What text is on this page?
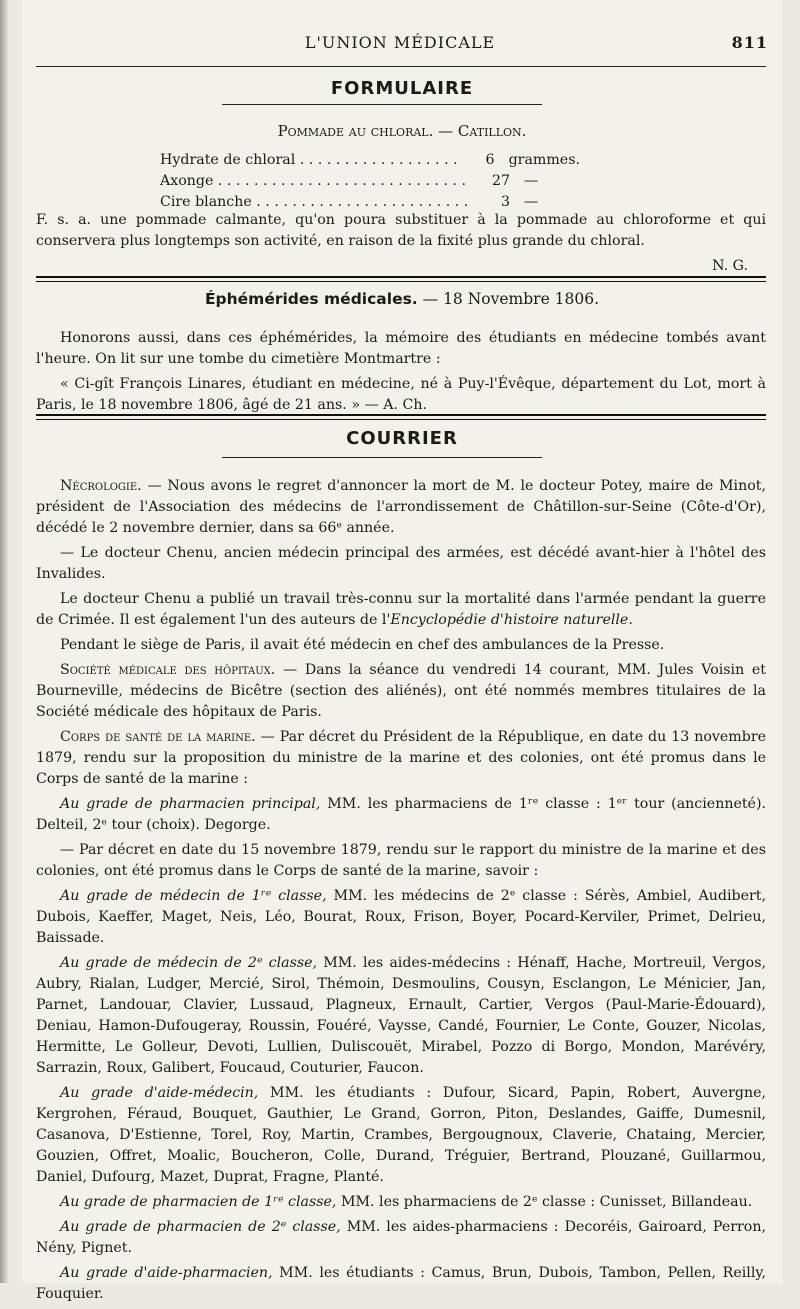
L'UNION MÉDICALE	811
FORMULAIRE
Pommade au chloral. — Catillon.
Hydrate de chloral . . .	6 grammes.
Axonge . . .	27 —
Cire blanche . . .	3 —

F. s. a. une pommade calmante, qu'on poura substituer à la pommade au chloroforme et qui conservera plus longtemps son activité, en raison de la fixité plus grande du chloral.

N. G.
Éphémérides médicales. — 18 Novembre 1806.

Honorons aussi, dans ces éphémérides, la mémoire des étudiants en médecine tombés avant l'heure. On lit sur une tombe du cimetière Montmartre :

« Ci-gît François Linares, étudiant en médecine, né à Puy-l'Évêque, département du Lot, mort à Paris, le 18 novembre 1806, âgé de 21 ans. » — A. Ch.

COURRIER

Nécrologie. — Nous avons le regret d'annoncer la mort de M. le docteur Potey, maire de Minot, président de l'Association des médecins de l'arrondissement de Châtillon-sur-Seine (Côte-d'Or), décédé le 2 novembre dernier, dans sa 66ᵉ année.

— Le docteur Chenu, ancien médecin principal des armées, est décédé avant-hier à l'hôtel des Invalides.

Le docteur Chenu a publié un travail très-connu sur la mortalité dans l'armée pendant la guerre de Crimée. Il est également l'un des auteurs de l'Encyclopédie d'histoire naturelle.

Pendant le siège de Paris, il avait été médecin en chef des ambulances de la Presse.

Société médicale des hôpitaux. — Dans la séance du vendredi 14 courant, MM. Jules Voisin et Bourneville, médecins de Bicêtre (section des aliénés), ont été nommés membres titulaires de la Société médicale des hôpitaux de Paris.

Corps de santé de la marine. — Par décret du Président de la République, en date du 13 novembre 1879, rendu sur la proposition du ministre de la marine et des colonies, ont été promus dans le Corps de santé de la marine :

Au grade de pharmacien principal, MM. les pharmaciens de 1ʳᵉ classe : 1ᵉʳ tour (ancienneté). Delteil, 2ᵉ tour (choix). Degorge.

— Par décret en date du 15 novembre 1879, rendu sur le rapport du ministre de la marine et des colonies, ont été promus dans le Corps de santé de la marine, savoir :

Au grade de médecin de 1ʳᵉ classe, MM. les médecins de 2ᵉ classe : Sérès, Ambiel, Audibert, Dubois, Kaeffer, Maget, Neis, Léo, Bourat, Roux, Frison, Boyer, Pocard-Kerviler, Primet, Delrieu, Baissade.

Au grade de médecin de 2ᵉ classe, MM. les aides-médecins : Hénaff, Hache, Mortreuil, Vergos, Aubry, Rialan, Ludger, Mercié, Sirol, Thémoin, Desmoulins, Cousyn, Esclangon, Le Ménicier, Jan, Parnet, Landouar, Clavier, Lussaud, Plagneux, Ernault, Cartier, Vergos (Paul-Marie-Édouard), Deniau, Hamon-Dufougeray, Roussin, Fouéré, Vaysse, Candé, Fournier, Le Conte, Gouzer, Nicolas, Hermitte, Le Golleur, Devoti, Lullien, Duliscouët, Mirabel, Pozzo di Borgo, Mondon, Marévéry, Sarrazin, Roux, Galibert, Foucaud, Couturier, Faucon.

Au grade d'aide-médecin, MM. les étudiants : Dufour, Sicard, Papin, Robert, Auvergne, Kergrohen, Féraud, Bouquet, Gauthier, Le Grand, Gorron, Piton, Deslandes, Gaiffe, Dumesnil, Casanova, D'Estienne, Torel, Roy, Martin, Crambes, Bergougnoux, Claverie, Chataing, Mercier, Gouzien, Offret, Moalic, Boucheron, Colle, Durand, Tréguier, Bertrand, Plouzané, Guillarmou, Daniel, Dufourg, Mazet, Duprat, Fragne, Planté.

Au grade de pharmacien de 1ʳᵉ classe, MM. les pharmaciens de 2ᵉ classe : Cunisset, Billandeau.

Au grade de pharmacien de 2ᵉ classe, MM. les aides-pharmaciens : Decoréis, Gairoard, Perron, Nény, Pignet.

Au grade d'aide-pharmacien, MM. les étudiants : Camus, Brun, Dubois, Tambon, Pellen, Reilly, Fouquier.
